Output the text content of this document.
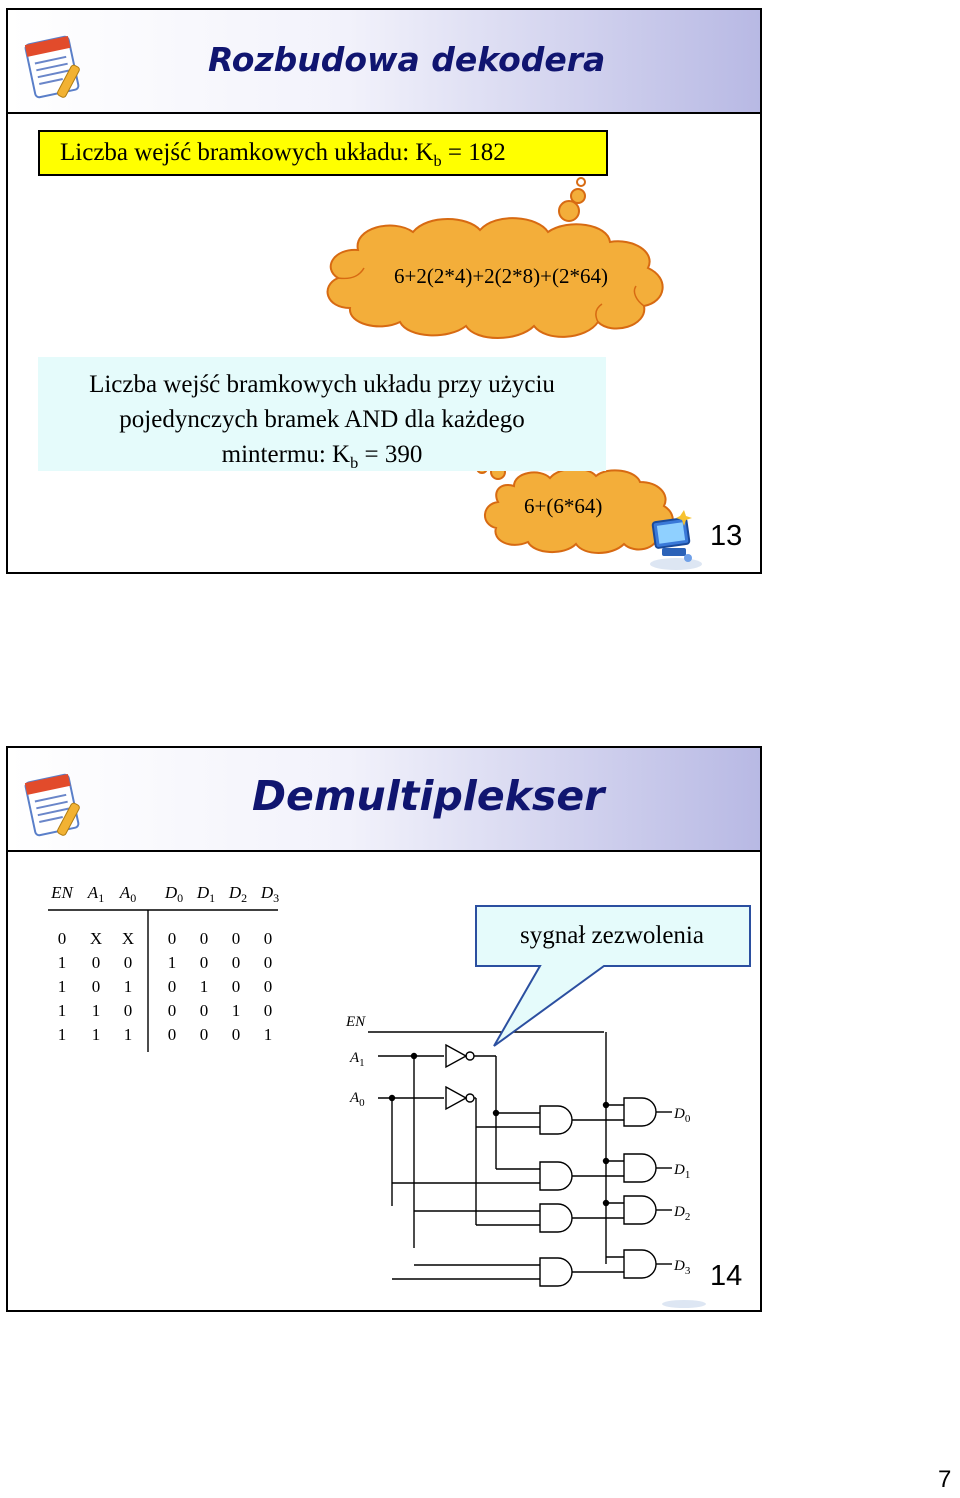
Rozbudowa dekodera
Liczba wejść bramkowych układu: $K_b = 182$
6+2(2*4)+2(2*8)+(2*64)
Liczba wejść bramkowych układu przy użyciu
pojedynczych bramek AND dla każdego
mintermu: $K_b = 390$
6+(6*64)
13
Demultiplekser
EN $A_1$ $A_0$ $D_0$ $D_1$ $D_2$ $D_3$
0 X X 0 0 0 0
1 0 0 1 0 0 0
1 0 1 0 1 0 0
1 1 0 0 0 1 0
1 1 1 0 0 0 1
EN
$A_1$
$A_0$
$D_0$
$D_1$
$D_2$
$D_3$
sygnał zezwolenia
14
7
